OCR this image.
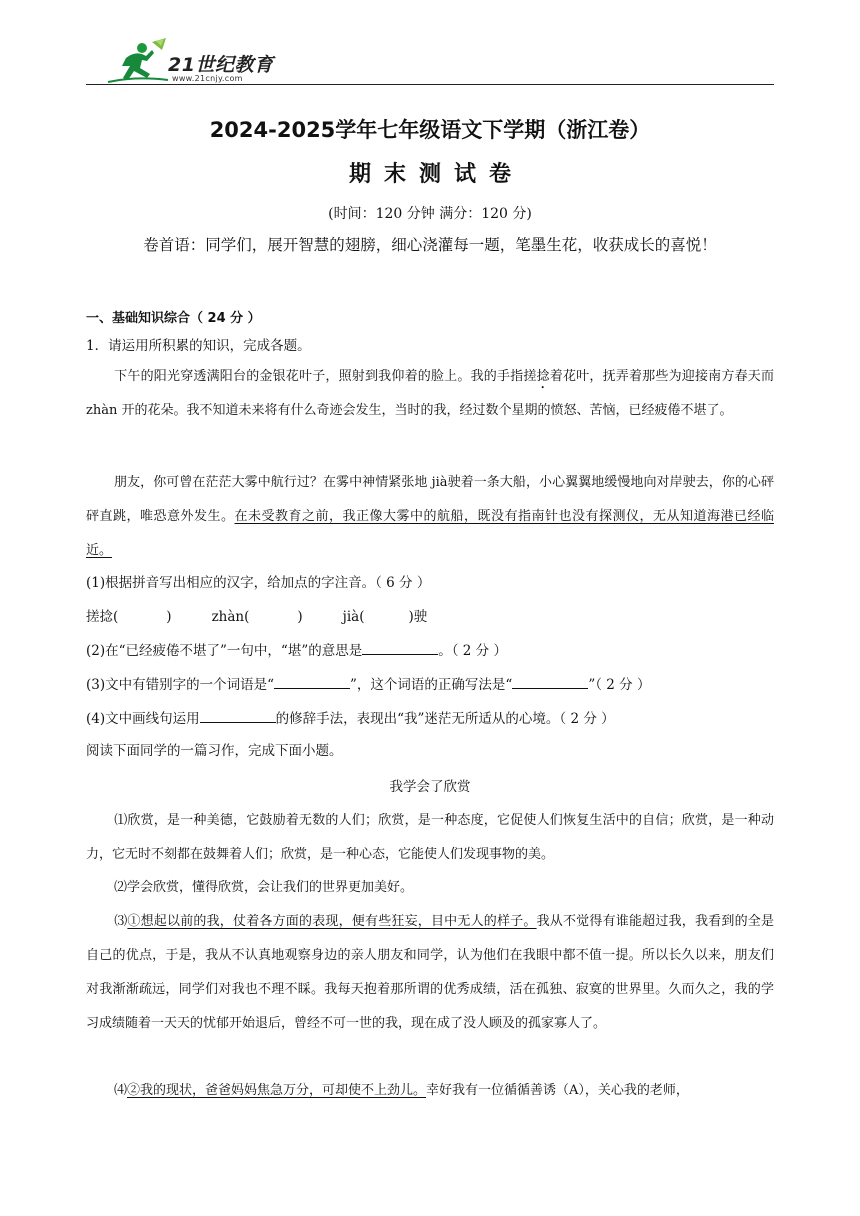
21世纪教育
www.21cnjy.com
2024-2025学年七年级语文下学期（浙江卷）
期末测试卷
(时间：120 分钟 满分：120 分)
卷首语：同学们，展开智慧的翅膀，细心浇灌每一题，笔墨生花，收获成长的喜悦！
一、基础知识综合（ 24 分 ）
1．请运用所积累的知识，完成各题。
下午的阳光穿透满阳台的金银花叶子，照射到我仰着的脸上。我的手指搓捻着花叶，抚弄着那些为迎接南方春天而 zhàn 开的花朵。我不知道未来将有什么奇迹会发生，当时的我，经过数个星期的愤怒、苦恼，已经疲倦不堪了。
朋友，你可曾在茫茫大雾中航行过？在雾中神情紧张地 jià驶着一条大船，小心翼翼地缓慢地向对岸驶去，你的心砰砰直跳，唯恐意外发生。在未受教育之前，我正像大雾中的航船，既没有指南针也没有探测仪，无从知道海港已经临近。
(1)根据拼音写出相应的汉字，给加点的字注音。（ 6 分 ）
搓捻(	)	zhàn(	)	jià(	)驶
(2)在“已经疲倦不堪了”一句中，“堪”的意思是	。（ 2 分 ）
(3)文中有错别字的一个词语是“	”，这个词语的正确写法是“	”（ 2 分 ）
(4)文中画线句运用	的修辞手法，表现出“我”迷茫无所适从的心境。（ 2 分 ）
阅读下面同学的一篇习作，完成下面小题。
我学会了欣赏
⑴欣赏，是一种美德，它鼓励着无数的人们；欣赏，是一种态度，它促使人们恢复生活中的自信；欣赏，是一种动力，它无时不刻都在鼓舞着人们；欣赏，是一种心态，它能使人们发现事物的美。
⑵学会欣赏，懂得欣赏，会让我们的世界更加美好。
⑶①想起以前的我，仗着各方面的表现，便有些狂妄，目中无人的样子。我从不觉得有谁能超过我，我看到的全是自己的优点，于是，我从不认真地观察身边的亲人朋友和同学，认为他们在我眼中都不值一提。所以长久以来，朋友们对我渐渐疏远，同学们对我也不理不睬。我每天抱着那所谓的优秀成绩，活在孤独、寂寞的世界里。久而久之，我的学习成绩随着一天天的忧郁开始退后，曾经不可一世的我，现在成了没人顾及的孤家寡人了。
⑷②我的现状，爸爸妈妈焦急万分，可却使不上劲儿。幸好我有一位循循善诱（A），关心我的老师，
